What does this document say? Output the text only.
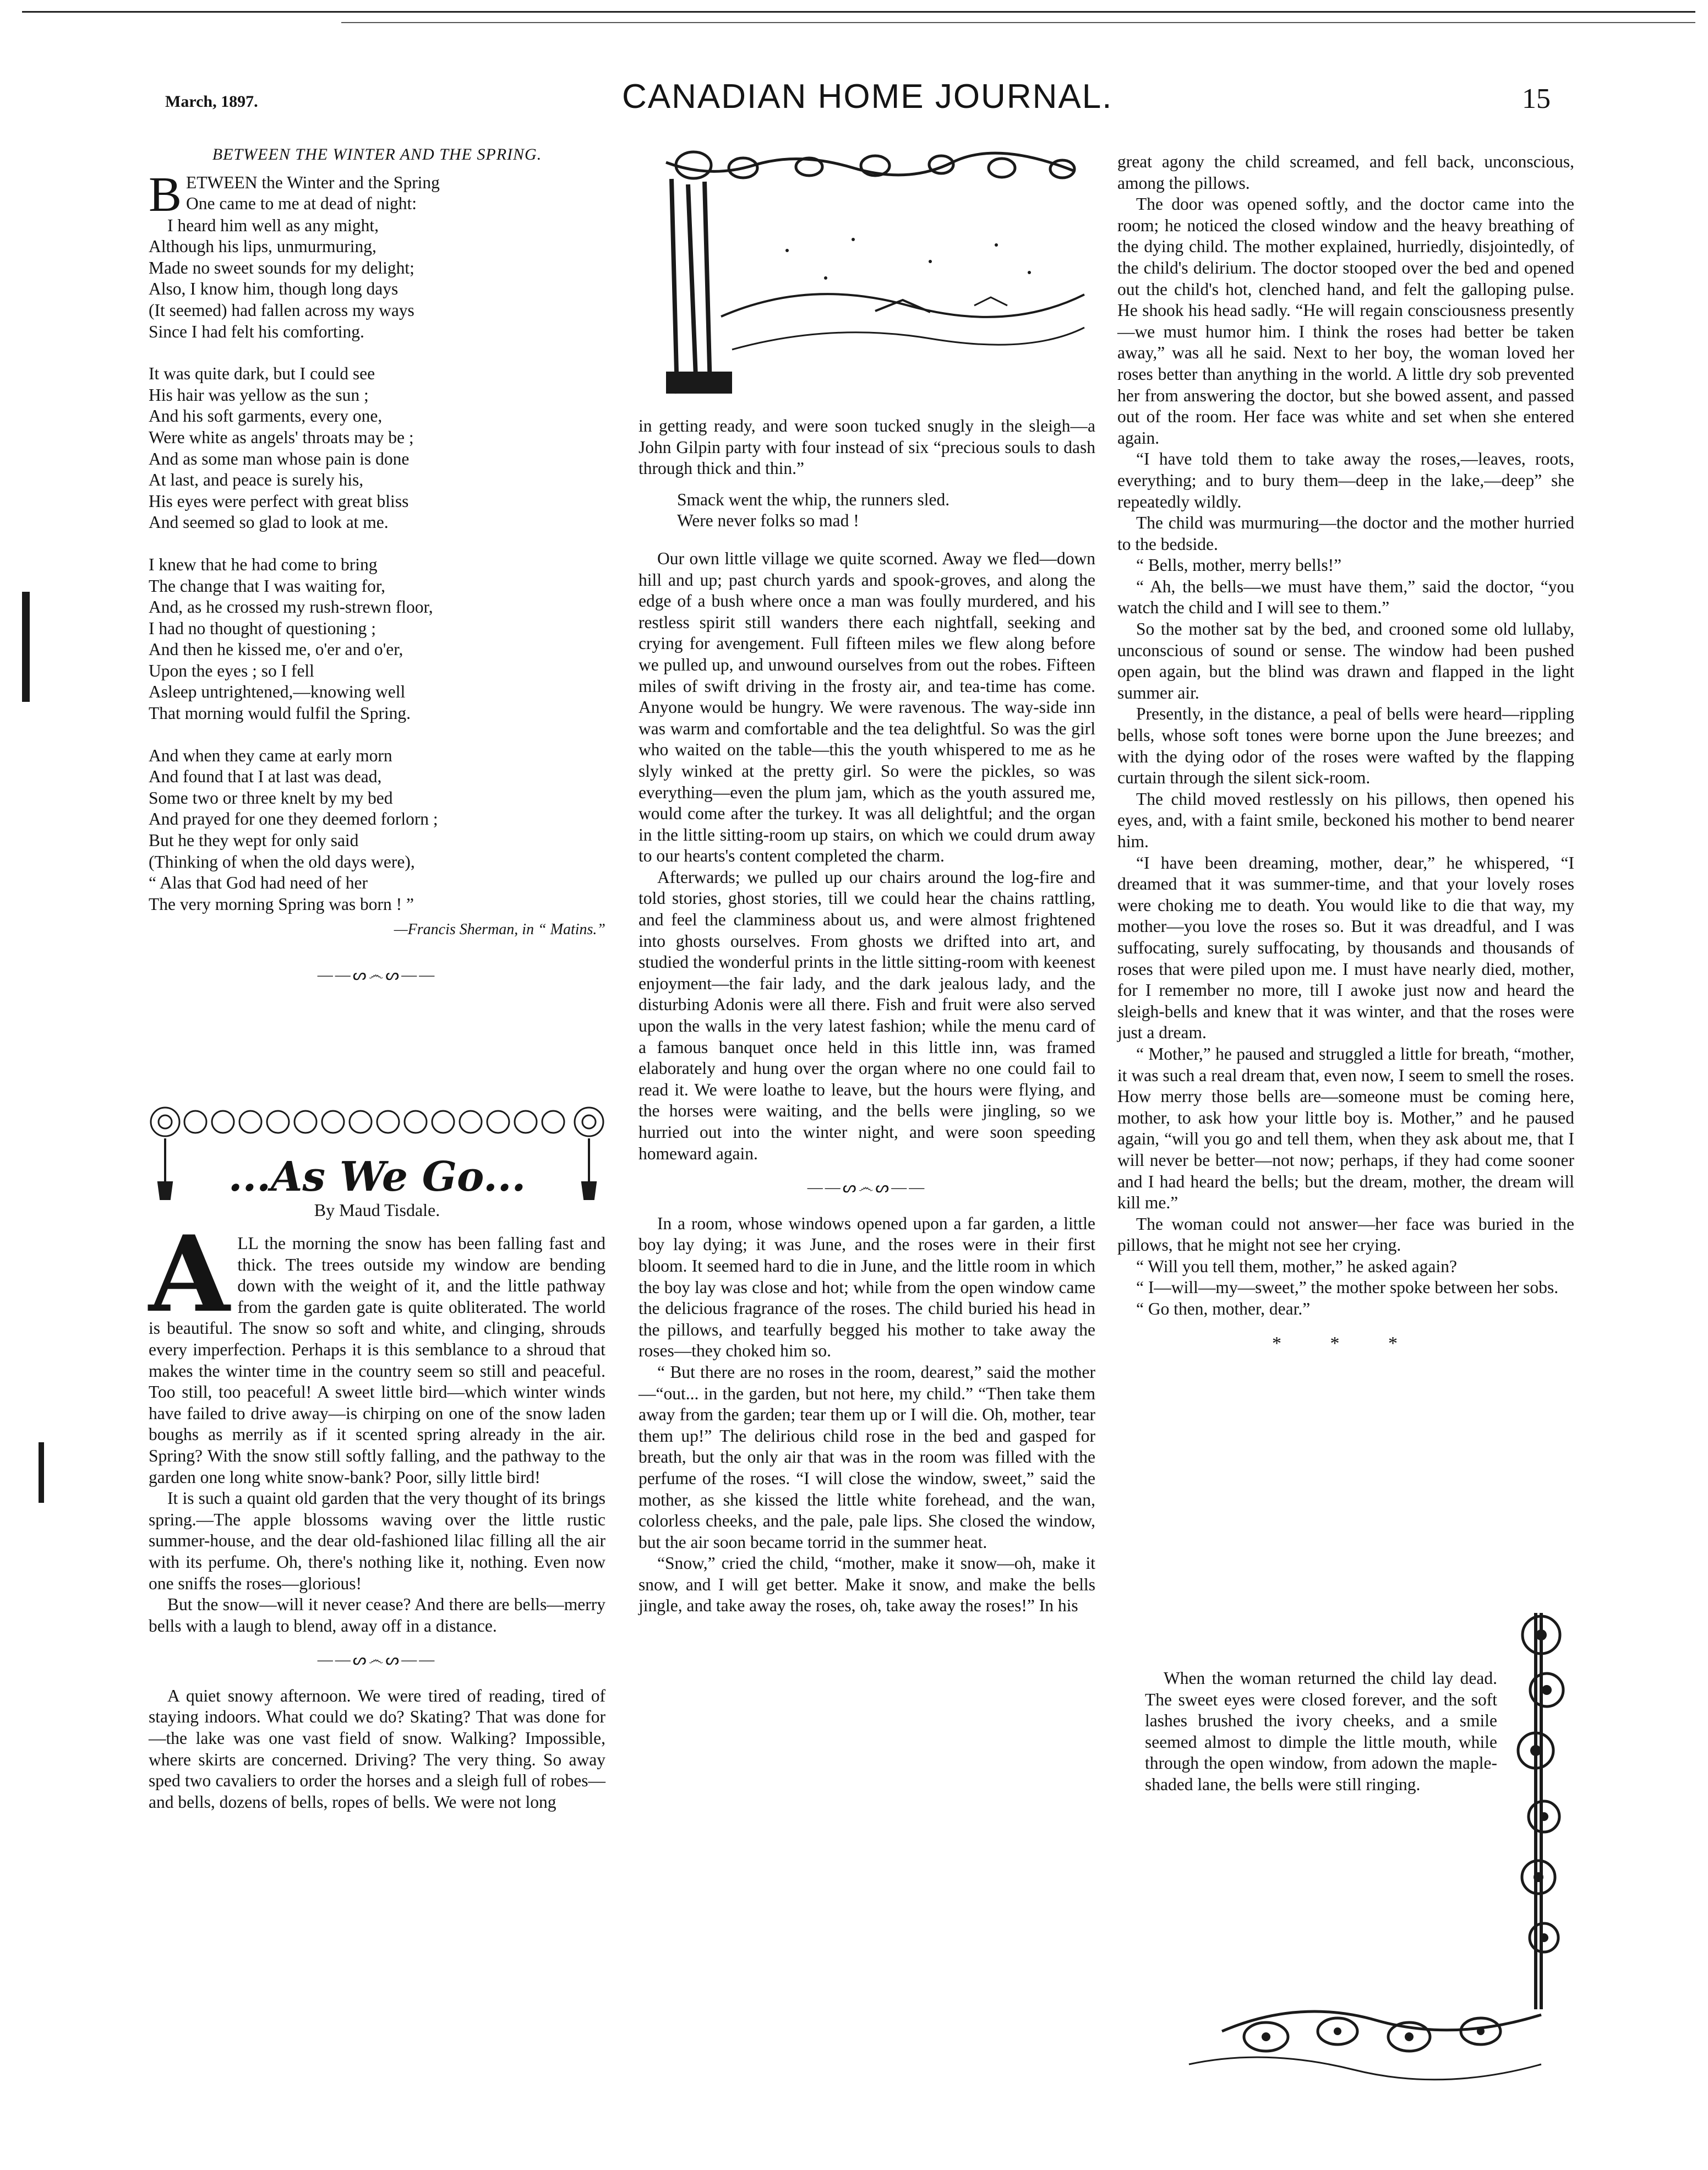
March, 1897.	CANADIAN HOME JOURNAL.	15
BETWEEN THE WINTER AND THE SPRING.
B ETWEEN the Winter and the Spring
One came to me at dead of night:
I heard him well as any might,
Although his lips, unmurmuring,
Made no sweet sounds for my delight;
Also, I know him, though long days
(It seemed) had fallen across my ways
Since I had felt his comforting.
It was quite dark, but I could see
His hair was yellow as the sun ;
And his soft garments, every one,
Were white as angels' throats may be ;
And as some man whose pain is done
At last, and peace is surely his,
His eyes were perfect with great bliss
And seemed so glad to look at me.
I knew that he had come to bring
The change that I was waiting for,
And, as he crossed my rush-strewn floor,
I had no thought of questioning ;
And then he kissed me, o'er and o'er,
Upon the eyes ; so I fell
Asleep untrightened,—knowing well
That morning would fulfil the Spring.
And when they came at early morn
And found that I at last was dead,
Some two or three knelt by my bed
And prayed for one they deemed forlorn ;
But he they wept for only said
(Thinking of when the old days were),
“ Alas that God had need of her
The very morning Spring was born ! ”
—Francis Sherman, in “ Matins.”
——ᔕ෴ᔕ——
...As We Go...
By Maud Tisdale.

ALL the morning the snow has been falling fast and thick. The trees outside my window are bending down with the weight of it, and the little pathway from the garden gate is quite obliterated. The world is beautiful. The snow so soft and white, and clinging, shrouds every imperfection. Perhaps it is this semblance to a shroud that makes the winter time in the country seem so still and peaceful. Too still, too peaceful! A sweet little bird—which winter winds have failed to drive away—is chirping on one of the snow laden boughs as merrily as if it scented spring already in the air. Spring? With the snow still softly falling, and the pathway to the garden one long white snow-bank? Poor, silly little bird!

It is such a quaint old garden that the very thought of its brings spring.—The apple blossoms waving over the little rustic summer-house, and the dear old-fashioned lilac filling all the air with its perfume. Oh, there's nothing like it, nothing. Even now one sniffs the roses—glorious!

But the snow—will it never cease? And there are bells—merry bells with a laugh to blend, away off in a distance.

——ᔕ෴ᔕ——

A quiet snowy afternoon. We were tired of reading, tired of staying indoors. What could we do? Skating? That was done for—the lake was one vast field of snow. Walking? Impossible, where skirts are concerned. Driving? The very thing. So away sped two cavaliers to order the horses and a sleigh full of robes—and bells, dozens of bells, ropes of bells. We were not long

in getting ready, and were soon tucked snugly in the sleigh—a John Gilpin party with four instead of six “precious souls to dash through thick and thin.”

Smack went the whip, the runners sled.
Were never folks so mad !

Our own little village we quite scorned. Away we fled—down hill and up; past church yards and spook-groves, and along the edge of a bush where once a man was foully murdered, and his restless spirit still wanders there each nightfall, seeking and crying for avengement. Full fifteen miles we flew along before we pulled up, and unwound ourselves from out the robes. Fifteen miles of swift driving in the frosty air, and tea-time has come. Anyone would be hungry. We were ravenous. The way-side inn was warm and comfortable and the tea delightful. So was the girl who waited on the table—this the youth whispered to me as he slyly winked at the pretty girl. So were the pickles, so was everything—even the plum jam, which as the youth assured me, would come after the turkey. It was all delightful; and the organ in the little sitting-room up stairs, on which we could drum away to our hearts's content completed the charm.

Afterwards; we pulled up our chairs around the log-fire and told stories, ghost stories, till we could hear the chains rattling, and feel the clamminess about us, and were almost frightened into ghosts ourselves. From ghosts we drifted into art, and studied the wonderful prints in the little sitting-room with keenest enjoyment—the fair lady, and the dark jealous lady, and the disturbing Adonis were all there. Fish and fruit were also served upon the walls in the very latest fashion; while the menu card of a famous banquet once held in this little inn, was framed elaborately and hung over the organ where no one could fail to read it. We were loathe to leave, but the hours were flying, and the horses were waiting, and the bells were jingling, so we hurried out into the winter night, and were soon speeding homeward again.

——ᔕ෴ᔕ——

In a room, whose windows opened upon a far garden, a little boy lay dying; it was June, and the roses were in their first bloom. It seemed hard to die in June, and the little room in which the boy lay was close and hot; while from the open window came the delicious fragrance of the roses. The child buried his head in the pillows, and tearfully begged his mother to take away the roses—they choked him so.

“ But there are no roses in the room, dearest,” said the mother—“out... in the garden, but not here, my child.” “Then take them away from the garden; tear them up or I will die. Oh, mother, tear them up!” The delirious child rose in the bed and gasped for breath, but the only air that was in the room was filled with the perfume of the roses. “I will close the window, sweet,” said the mother, as she kissed the little white forehead, and the wan, colorless cheeks, and the pale, pale lips. She closed the window, but the air soon became torrid in the summer heat.

“Snow,” cried the child, “mother, make it snow—oh, make it snow, and I will get better. Make it snow, and make the bells jingle, and take away the roses, oh, take away the roses!” In his

great agony the child screamed, and fell back, unconscious, among the pillows.

The door was opened softly, and the doctor came into the room; he noticed the closed window and the heavy breathing of the dying child. The mother explained, hurriedly, disjointedly, of the child's delirium. The doctor stooped over the bed and opened out the child's hot, clenched hand, and felt the galloping pulse. He shook his head sadly. “He will regain consciousness presently—we must humor him. I think the roses had better be taken away,” was all he said. Next to her boy, the woman loved her roses better than anything in the world. A little dry sob prevented her from answering the doctor, but she bowed assent, and passed out of the room. Her face was white and set when she entered again.

“I have told them to take away the roses,—leaves, roots, everything; and to bury them—deep in the lake,—deep” she repeatedly wildly.

The child was murmuring—the doctor and the mother hurried to the bedside.

“ Bells, mother, merry bells!”

“ Ah, the bells—we must have them,” said the doctor, “you watch the child and I will see to them.”

So the mother sat by the bed, and crooned some old lullaby, unconscious of sound or sense. The window had been pushed open again, but the blind was drawn and flapped in the light summer air.

Presently, in the distance, a peal of bells were heard—rippling bells, whose soft tones were borne upon the June breezes; and with the dying odor of the roses were wafted by the flapping curtain through the silent sick-room.

The child moved restlessly on his pillows, then opened his eyes, and, with a faint smile, beckoned his mother to bend nearer him.

“I have been dreaming, mother, dear,” he whispered, “I dreamed that it was summer-time, and that your lovely roses were choking me to death. You would like to die that way, my mother—you love the roses so. But it was dreadful, and I was suffocating, surely suffocating, by thousands and thousands of roses that were piled upon me. I must have nearly died, mother, for I remember no more, till I awoke just now and heard the sleigh-bells and knew that it was winter, and that the roses were just a dream.

“ Mother,” he paused and struggled a little for breath, “mother, it was such a real dream that, even now, I seem to smell the roses. How merry those bells are—someone must be coming here, mother, to ask how your little boy is. Mother,” and he paused again, “will you go and tell them, when they ask about me, that I will never be better—not now; perhaps, if they had come sooner and I had heard the bells; but the dream, mother, the dream will kill me.”

The woman could not answer—her face was buried in the pillows, that he might not see her crying.

“ Will you tell them, mother,” he asked again?

“ I—will—my—sweet,” the mother spoke between her sobs.

“ Go then, mother, dear.”

* * *

When the woman returned the child lay dead. The sweet eyes were closed forever, and the soft lashes brushed the ivory cheeks, and a smile seemed almost to dimple the little mouth, while through the open window, from adown the maple-shaded lane, the bells were still ringing.
